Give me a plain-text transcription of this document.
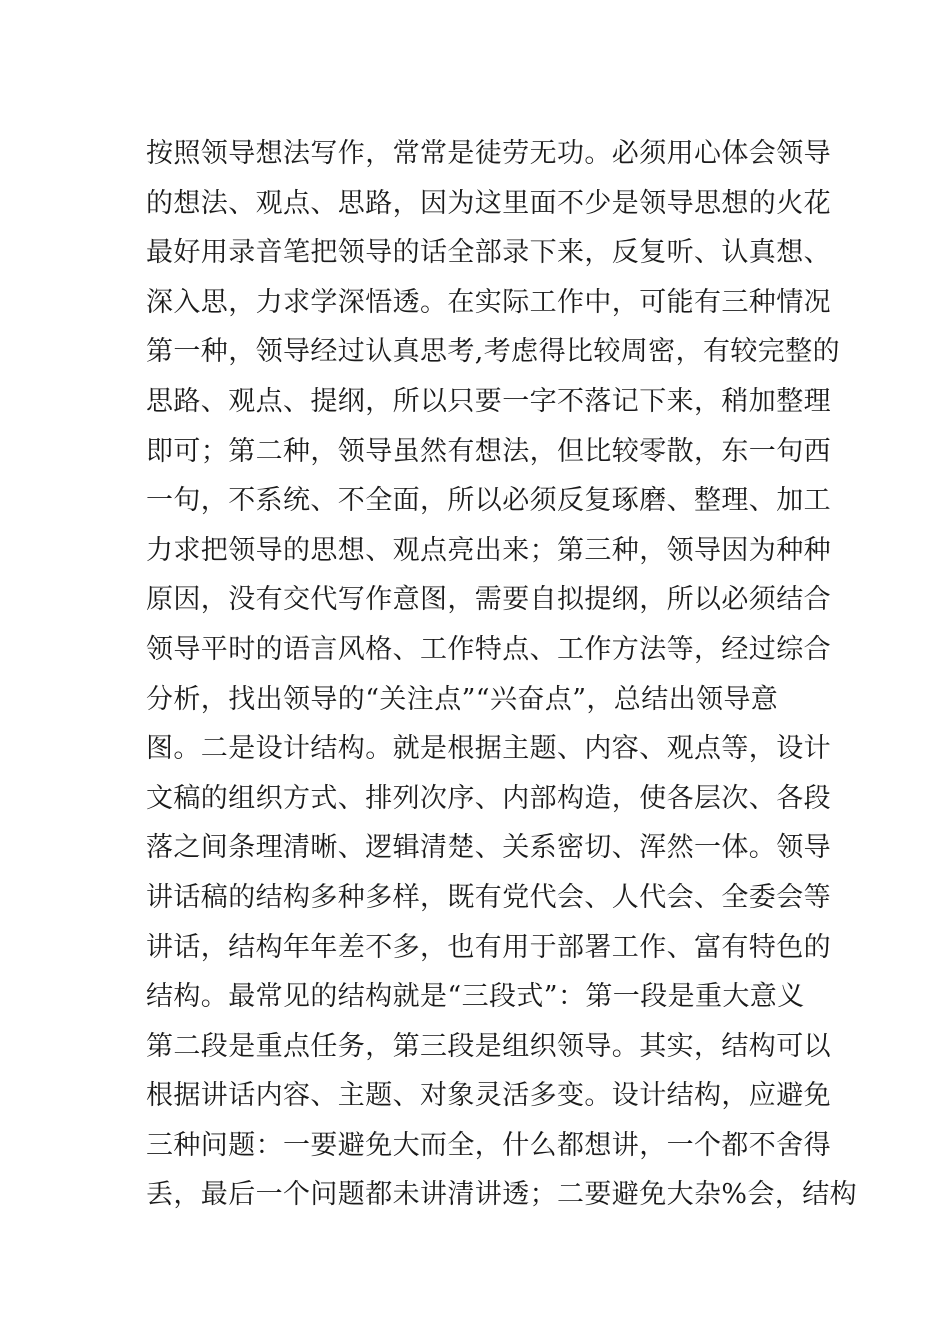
按照领导想法写作，常常是徒劳无功。必须用心体会领导
的想法、观点、思路，因为这里面不少是领导思想的火花
最好用录音笔把领导的话全部录下来，反复听、认真想、
深入思，力求学深悟透。在实际工作中，可能有三种情况
第一种，领导经过认真思考,考虑得比较周密，有较完整的
思路、观点、提纲，所以只要一字不落记下来，稍加整理
即可；第二种，领导虽然有想法，但比较零散，东一句西
一句，不系统、不全面，所以必须反复琢磨、整理、加工
力求把领导的思想、观点亮出来；第三种，领导因为种种
原因，没有交代写作意图，需要自拟提纲，所以必须结合
领导平时的语言风格、工作特点、工作方法等，经过综合
分析，找出领导的“关注点”“兴奋点”，总结出领导意
图。二是设计结构。就是根据主题、内容、观点等，设计
文稿的组织方式、排列次序、内部构造，使各层次、各段
落之间条理清晰、逻辑清楚、关系密切、浑然一体。领导
讲话稿的结构多种多样，既有党代会、人代会、全委会等
讲话，结构年年差不多，也有用于部署工作、富有特色的
结构。最常见的结构就是“三段式”：第一段是重大意义
第二段是重点任务，第三段是组织领导。其实，结构可以
根据讲话内容、主题、对象灵活多变。设计结构，应避免
三种问题：一要避免大而全，什么都想讲，一个都不舍得
丢，最后一个问题都未讲清讲透；二要避免大杂%会，结构
